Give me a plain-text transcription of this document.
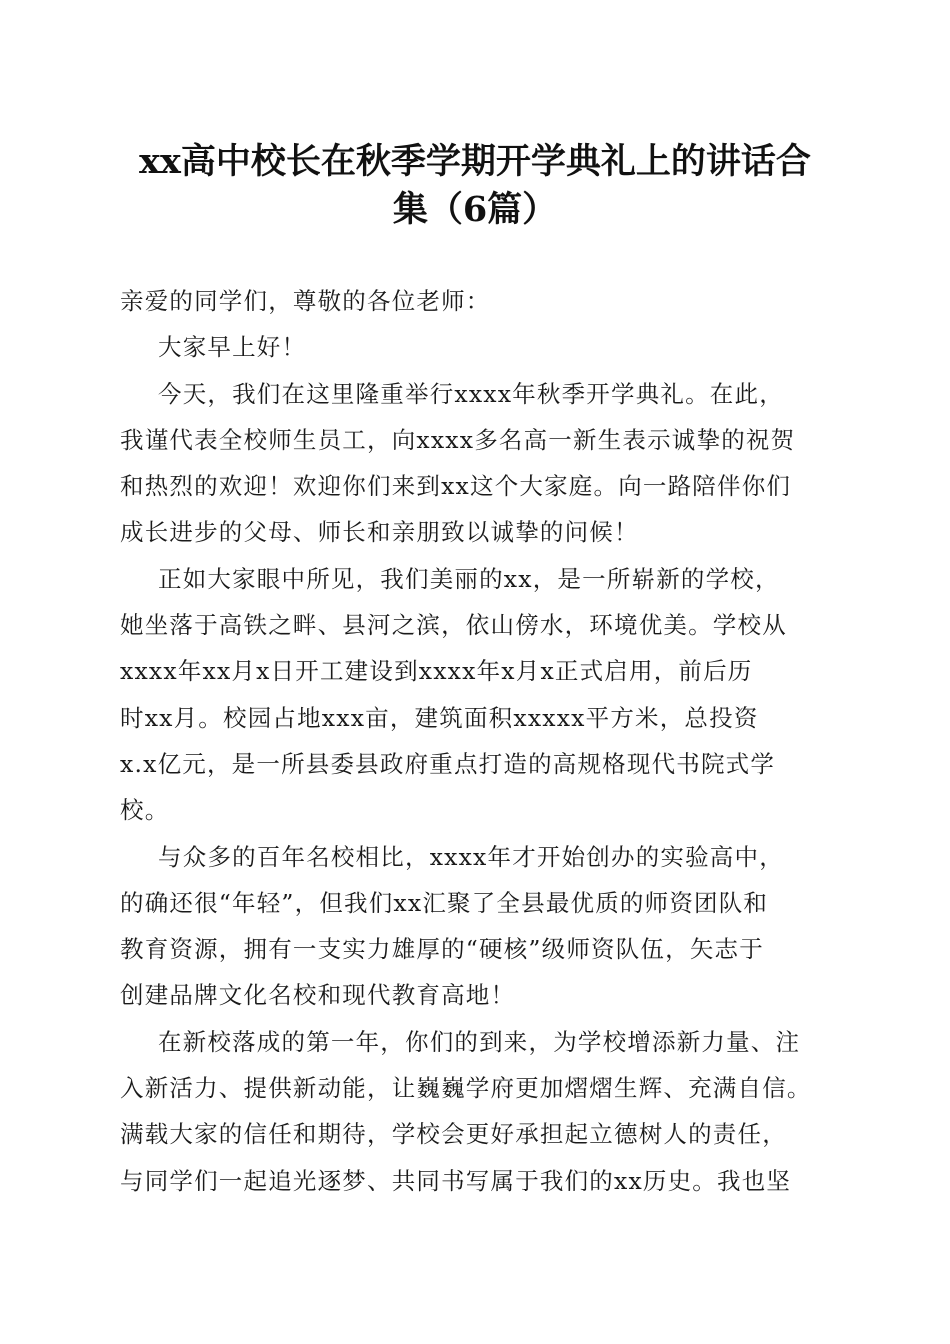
xx高中校长在秋季学期开学典礼上的讲话合
集（6篇）
亲爱的同学们，尊敬的各位老师：
大家早上好！
今天，我们在这里隆重举行xxxx年秋季开学典礼。在此，
我谨代表全校师生员工，向xxxx多名高一新生表示诚挚的祝贺
和热烈的欢迎！欢迎你们来到xx这个大家庭。向一路陪伴你们
成长进步的父母、师长和亲朋致以诚挚的问候！
正如大家眼中所见，我们美丽的xx，是一所崭新的学校，
她坐落于高铁之畔、县河之滨，依山傍水，环境优美。学校从
xxxx年xx月x日开工建设到xxxx年x月x正式启用，前后历
时xx月。校园占地xxx亩，建筑面积xxxxx平方米，总投资
x.x亿元，是一所县委县政府重点打造的高规格现代书院式学
校。
与众多的百年名校相比，xxxx年才开始创办的实验高中，
的确还很“年轻”，但我们xx汇聚了全县最优质的师资团队和
教育资源，拥有一支实力雄厚的“硬核”级师资队伍，矢志于
创建品牌文化名校和现代教育高地！
在新校落成的第一年，你们的到来，为学校增添新力量、注
入新活力、提供新动能，让巍巍学府更加熠熠生辉、充满自信。
满载大家的信任和期待，学校会更好承担起立德树人的责任，
与同学们一起追光逐梦、共同书写属于我们的xx历史。我也坚
